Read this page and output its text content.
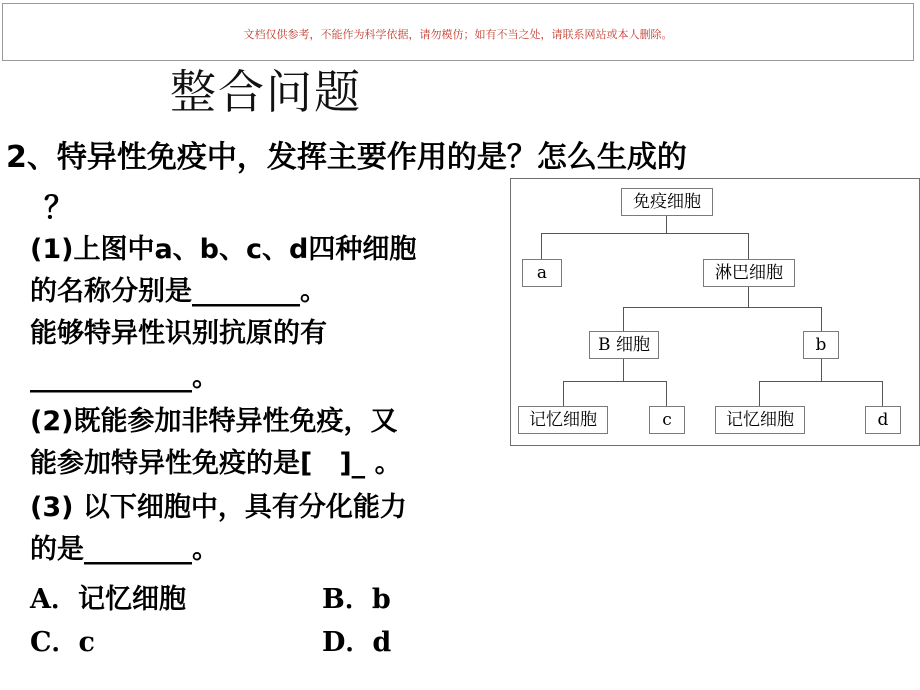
文档仅供参考，不能作为科学依据，请勿模仿；如有不当之处，请联系网站或本人删除。
整合问题
2、特异性免疫中，发挥主要作用的是？怎么生成的
？
(1)上图中a、b、c、d四种细胞
的名称分别是________。
能够特异性识别抗原的有
____________。
(2)既能参加非特异性免疫，又
能参加特异性免疫的是[　]_ 。
(3) 以下细胞中，具有分化能力
的是________。
A．记忆细胞	B．b
C．c	D．d
免疫细胞
a	淋巴细胞
B 细胞	b
记忆细胞	c	记忆细胞	d
